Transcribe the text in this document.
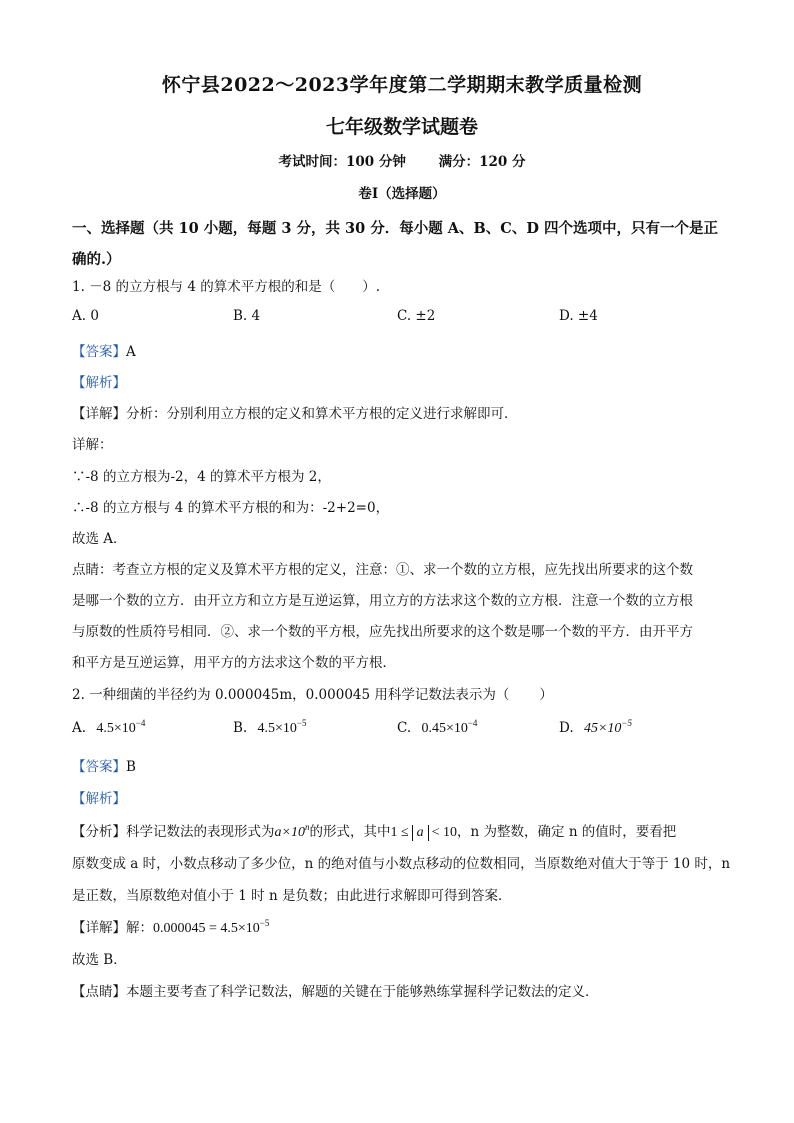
怀宁县2022～2023学年度第二学期期末教学质量检测
七年级数学试题卷
考试时间：100 分钟 满分：120 分
卷Ⅰ（选择题）
一、选择题（共 10 小题，每题 3 分，共 30 分．每小题 A、B、C、D 四个选项中，只有一个是正确的.）
1. －8 的立方根与 4 的算术平方根的和是（　　）.
A. 0	B. 4	C. ±2	D. ±4
【答案】A
【解析】
【详解】分析：分别利用立方根的定义和算术平方根的定义进行求解即可．
详解：
∵-8 的立方根为-2，4 的算术平方根为 2，
∴-8 的立方根与 4 的算术平方根的和为：-2+2=0，
故选 A．
点睛：考查立方根的定义及算术平方根的定义，注意：①、求一个数的立方根，应先找出所要求的这个数
是哪一个数的立方．由开立方和立方是互逆运算，用立方的方法求这个数的立方根．注意一个数的立方根
与原数的性质符号相同．②、求一个数的平方根，应先找出所要求的这个数是哪一个数的平方．由开平方
和平方是互逆运算，用平方的方法求这个数的平方根．
2. 一种细菌的半径约为 0.000045m，0.000045 用科学记数法表示为（ ）
A. $4.5\times 10^{-4}$	B. $4.5\times 10^{-5}$	C. $0.45\times 10^{-4}$	D. $45\times 10^{-5}$
【答案】B
【解析】
【分析】科学记数法的表现形式为$a\times 10^n$的形式，其中1 ≤ a < 10，n 为整数，确定 n 的值时，要看把
原数变成 a 时，小数点移动了多少位，n 的绝对值与小数点移动的位数相同，当原数绝对值大于等于 10 时，n
是正数，当原数绝对值小于 1 时 n 是负数；由此进行求解即可得到答案．
【详解】解：$0.000045 = 4.5\times 10^{-5}$
故选 B．
【点睛】本题主要考查了科学记数法，解题的关键在于能够熟练掌握科学记数法的定义．
